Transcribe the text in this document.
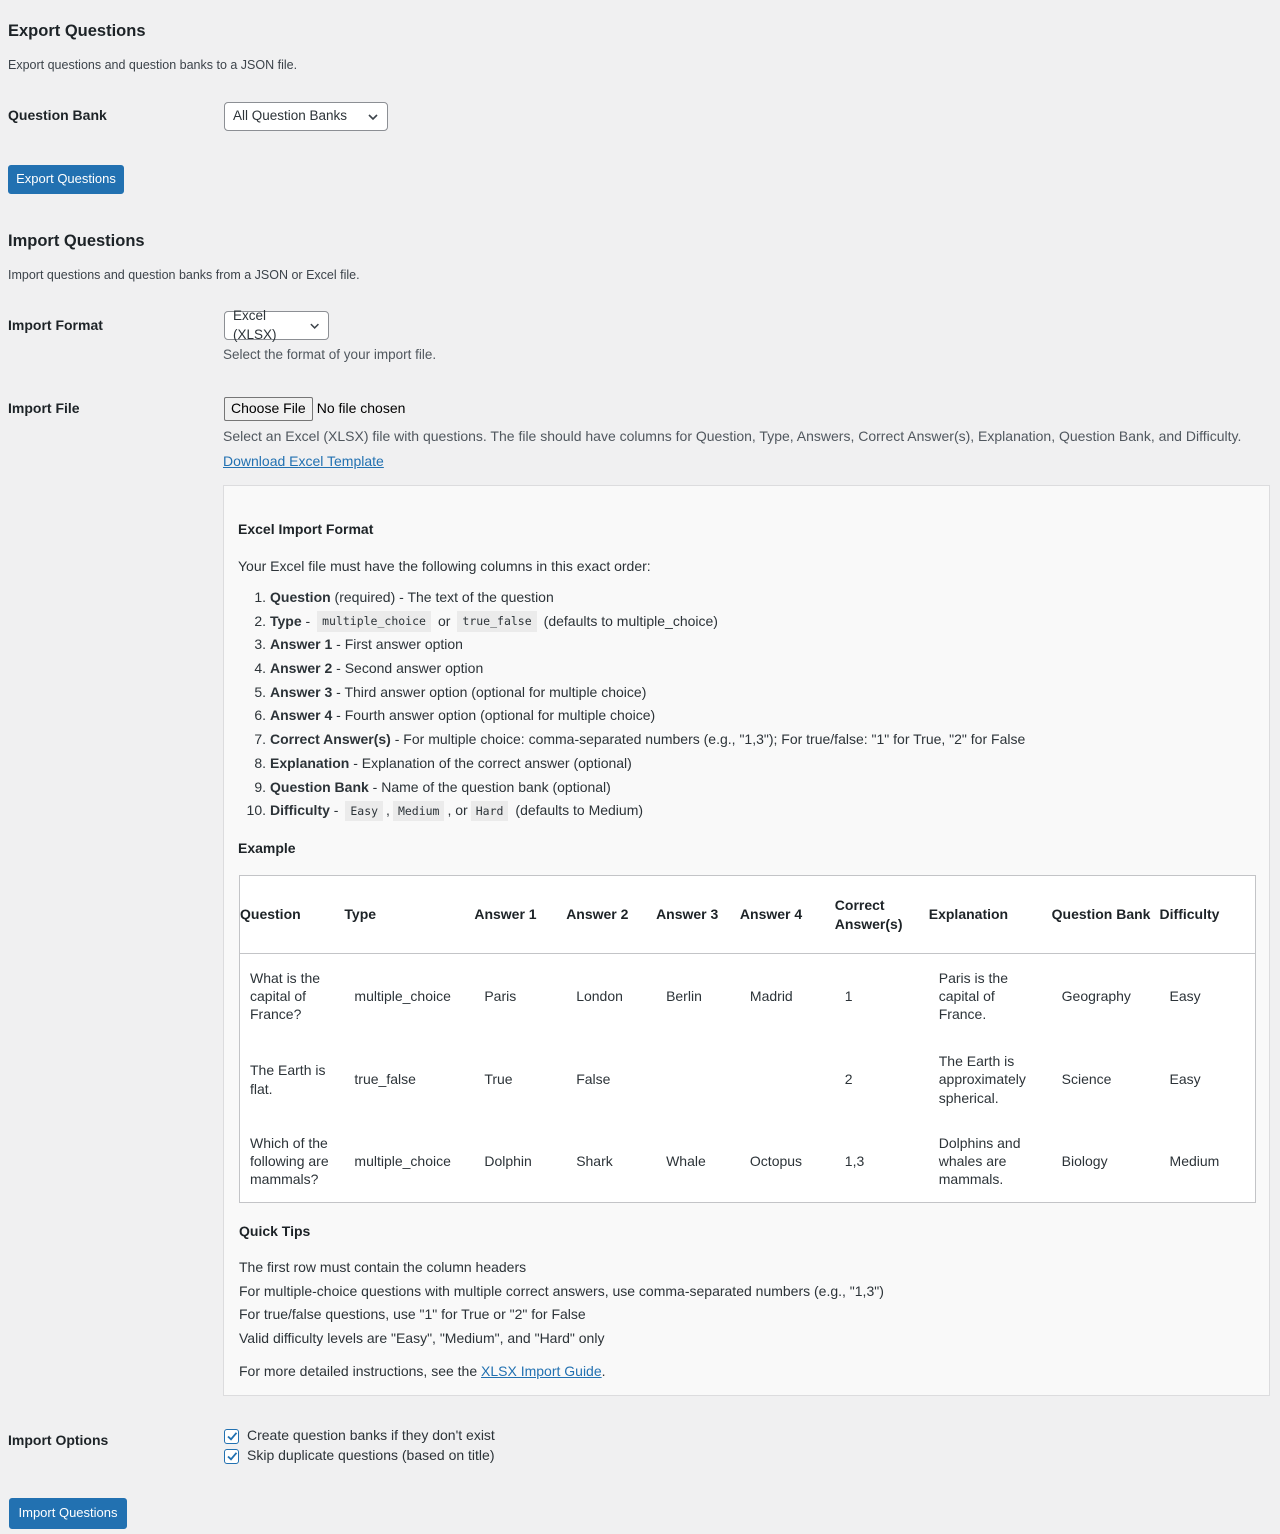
Export Questions

Export questions and question banks to a JSON file.

Question Bank	All Question Banks
Export Questions
Import Questions

Import questions and question banks from a JSON or Excel file.

Import Format
Excel (XLSX)
Select the format of your import file.
Import File	Choose File No file chosen
Select an Excel (XLSX) file with questions. The file should have columns for Question, Type, Answers, Correct Answer(s), Explanation, Question Bank, and Difficulty.
Download Excel Template
Excel Import Format

Your Excel file must have the following columns in this exact order:

1. Question (required) - The text of the question
2. Type - multiple_choice or	true_false (defaults to multiple_choice)
3. Answer 1 - First answer option
4. Answer 2 - Second answer option
5. Answer 3 - Third answer option (optional for multiple choice)
6. Answer 4 - Fourth answer option (optional for multiple choice)
7. Correct Answer(s) - For multiple choice: comma-separated numbers (e.g., "1,3"); For true/false: "1" for True, "2" for False
8. Explanation - Explanation of the correct answer (optional)
9. Question Bank - Name of the question bank (optional)
10. Difficulty - Easy , Medium , or Hard (defaults to Medium)
Example
Question	Type	Answer 1	Answer 2	Answer 3	Answer 4	Correct Answer(s)	Explanation	Question Bank	Difficulty
What is the capital of France?	multiple_choice	Paris	London	Berlin	Madrid	1	Paris is the capital of France.	Geography	Easy
The Earth is flat.	true_false	True	False			2	The Earth is approximately spherical.	Science	Easy
Which of the following are mammals?	multiple_choice	Dolphin	Shark	Whale	Octopus	1,3	Dolphins and whales are mammals.	Biology	Medium
Quick Tips

The first row must contain the column headers

For multiple-choice questions with multiple correct answers, use comma-separated numbers (e.g., "1,3")

For true/false questions, use "1" for True or "2" for False

Valid difficulty levels are "Easy", "Medium", and "Hard" only

For more detailed instructions, see the XLSX Import Guide.

Import Options	Create question banks if they don't exist
Skip duplicate questions (based on title)
Import Questions
